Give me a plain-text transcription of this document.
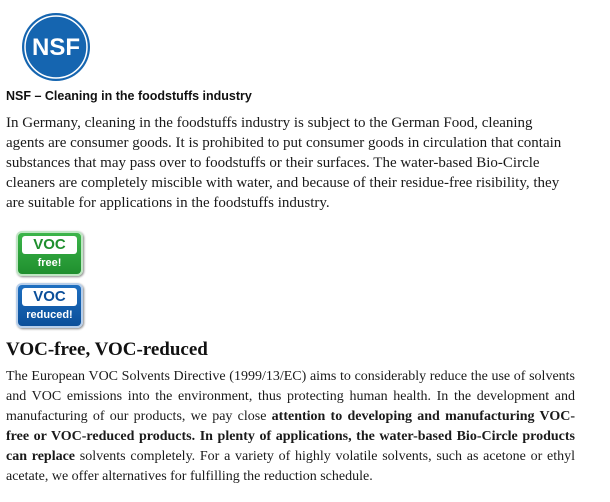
NSF
NSF – Cleaning in the foodstuffs industry

In Germany, cleaning in the foodstuffs industry is subject to the German Food, cleaning agents are consumer goods. It is prohibited to put consumer goods in circulation that contain substances that may pass over to foodstuffs or their surfaces. The water-based Bio-Circle cleaners are completely miscible with water, and because of their residue-free risibility, they are suitable for applications in the foodstuffs industry.

VOC
free!
VOC
reduced!
VOC-free, VOC-reduced

The European VOC Solvents Directive (1999/13/EC) aims to considerably reduce the use of solvents and VOC emissions into the environment, thus protecting human health. In the development and manufacturing of our products, we pay close attention to developing and manufacturing VOC-free or VOC-reduced products. In plenty of applications, the water-based Bio-Circle products can replace solvents completely. For a variety of highly volatile solvents, such as acetone or ethyl acetate, we offer alternatives for fulfilling the reduction schedule.
